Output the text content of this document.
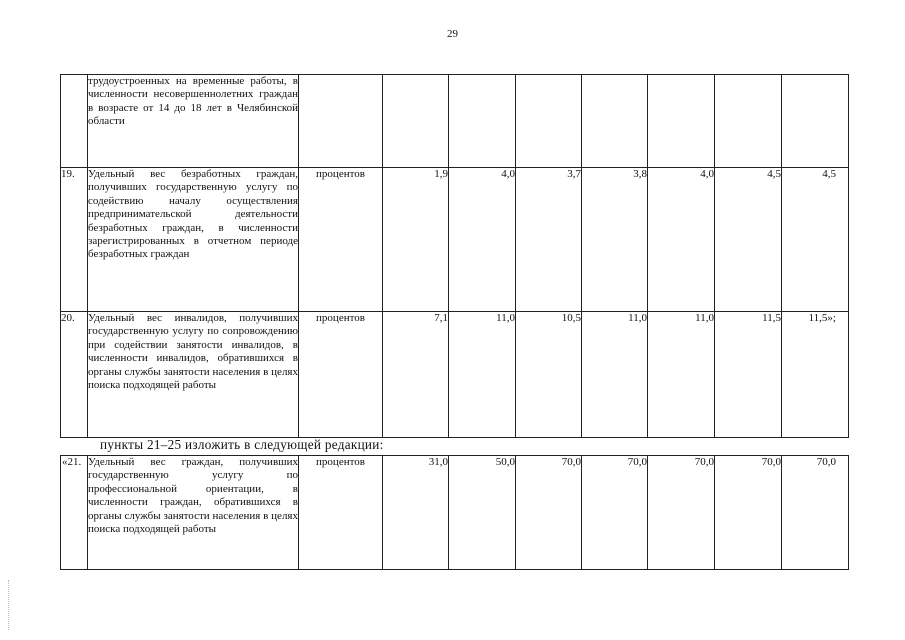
29
	трудоустроенных на временные работы, в численности несовершеннолетних граждан в возрасте от 14 до 18 лет в Челябинской области								
19.	Удельный вес безработных граждан, получивших государственную услугу по содействию началу осуществления предпринимательской деятельности безработных граждан, в численности зарегистрированных в отчетном периоде безработных граждан	процентов	1,9	4,0	3,7	3,8	4,0	4,5	4,5
20.	Удельный вес инвалидов, получивших государственную услугу по сопровождению при содействии занятости инвалидов, в численности инвалидов, обратившихся в органы службы занятости населения в целях поиска подходящей работы	процентов	7,1	11,0	10,5	11,0	11,0	11,5	11,5»;
пункты 21–25 изложить в следующей редакции:
«21.	Удельный вес граждан, получивших государственную услугу по профессиональной ориентации, в численности граждан, обратившихся в органы службы занятости населения в целях поиска подходящей работы	процентов	31,0	50,0	70,0	70,0	70,0	70,0	70,0
